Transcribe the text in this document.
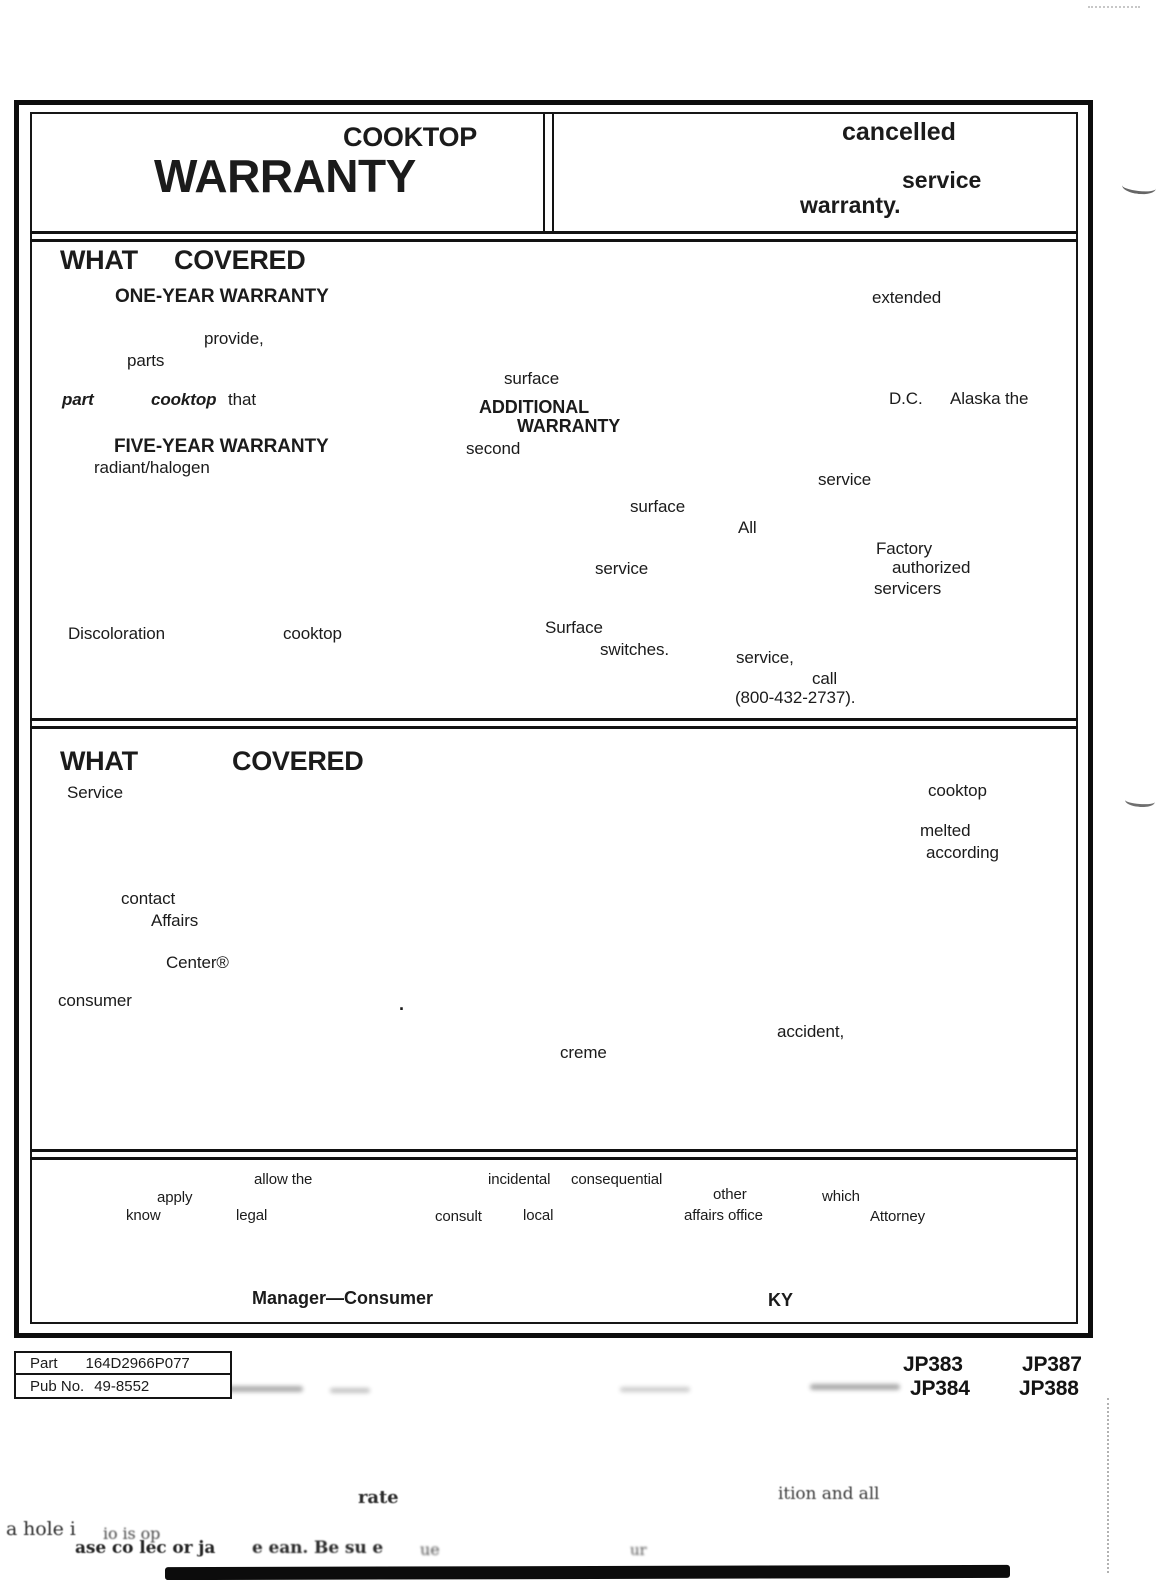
COOKTOP
WARRANTY
cancelled
service
warranty.
WHAT COVERED
WHAT	COVERED
Manager—Consumer	KY
ONE-YEAR WARRANTY	extended
provide,
parts
surface
part	cooktop that	ADDITIONAL
WARRANTY
D.C. Alaska the
FIVE-YEAR WARRANTY	second
radiant/halogen
service
surface
All
Factory
service	authorized
servicers
Surface
Discoloration	cooktop
switches.	service,
call
(800-432-2737).
Service	cooktop
melted
according
contact
Affairs
Center®
consumer	.
accident,
creme
allow the	incidental consequential
apply	other	which
know	legal	consult	local	affairs office	Attorney
rate	ition and all
a hole i io is op
ase co lec or ja e ean. Be su e ue	ur
Part	164D2966P077
Pub No. 49-8552
JP383	JP387
JP384 JP388
